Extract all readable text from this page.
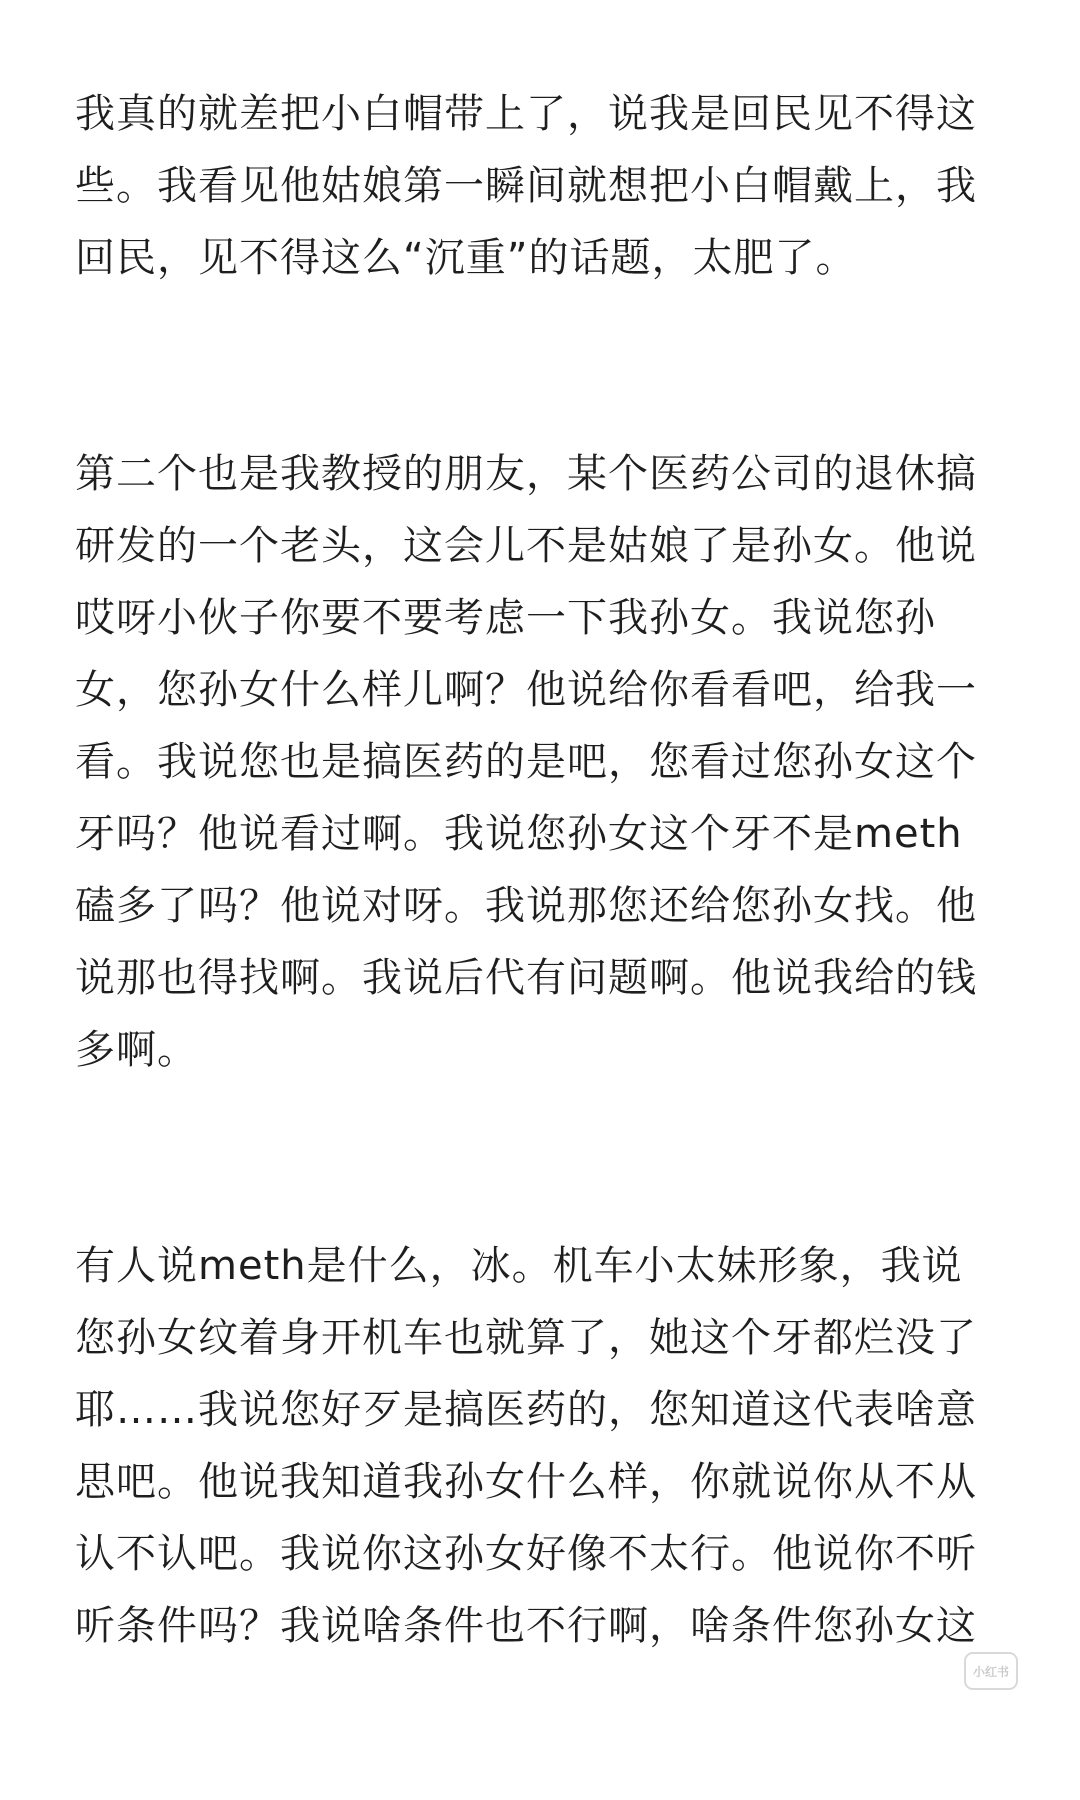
我真的就差把小白帽带上了，说我是回民见不得这
些。我看见他姑娘第一瞬间就想把小白帽戴上，我
回民，见不得这么“沉重”的话题，太肥了。

第二个也是我教授的朋友，某个医药公司的退休搞
研发的一个老头，这会儿不是姑娘了是孙女。他说
哎呀小伙子你要不要考虑一下我孙女。我说您孙
女，您孙女什么样儿啊？他说给你看看吧，给我一
看。我说您也是搞医药的是吧，您看过您孙女这个
牙吗？他说看过啊。我说您孙女这个牙不是meth
磕多了吗？他说对呀。我说那您还给您孙女找。他
说那也得找啊。我说后代有问题啊。他说我给的钱
多啊。

有人说meth是什么，冰。机车小太妹形象，我说
您孙女纹着身开机车也就算了，她这个牙都烂没了
耶……我说您好歹是搞医药的，您知道这代表啥意
思吧。他说我知道我孙女什么样，你就说你从不从
认不认吧。我说你这孙女好像不太行。他说你不听
听条件吗？我说啥条件也不行啊，啥条件您孙女这

小红书
